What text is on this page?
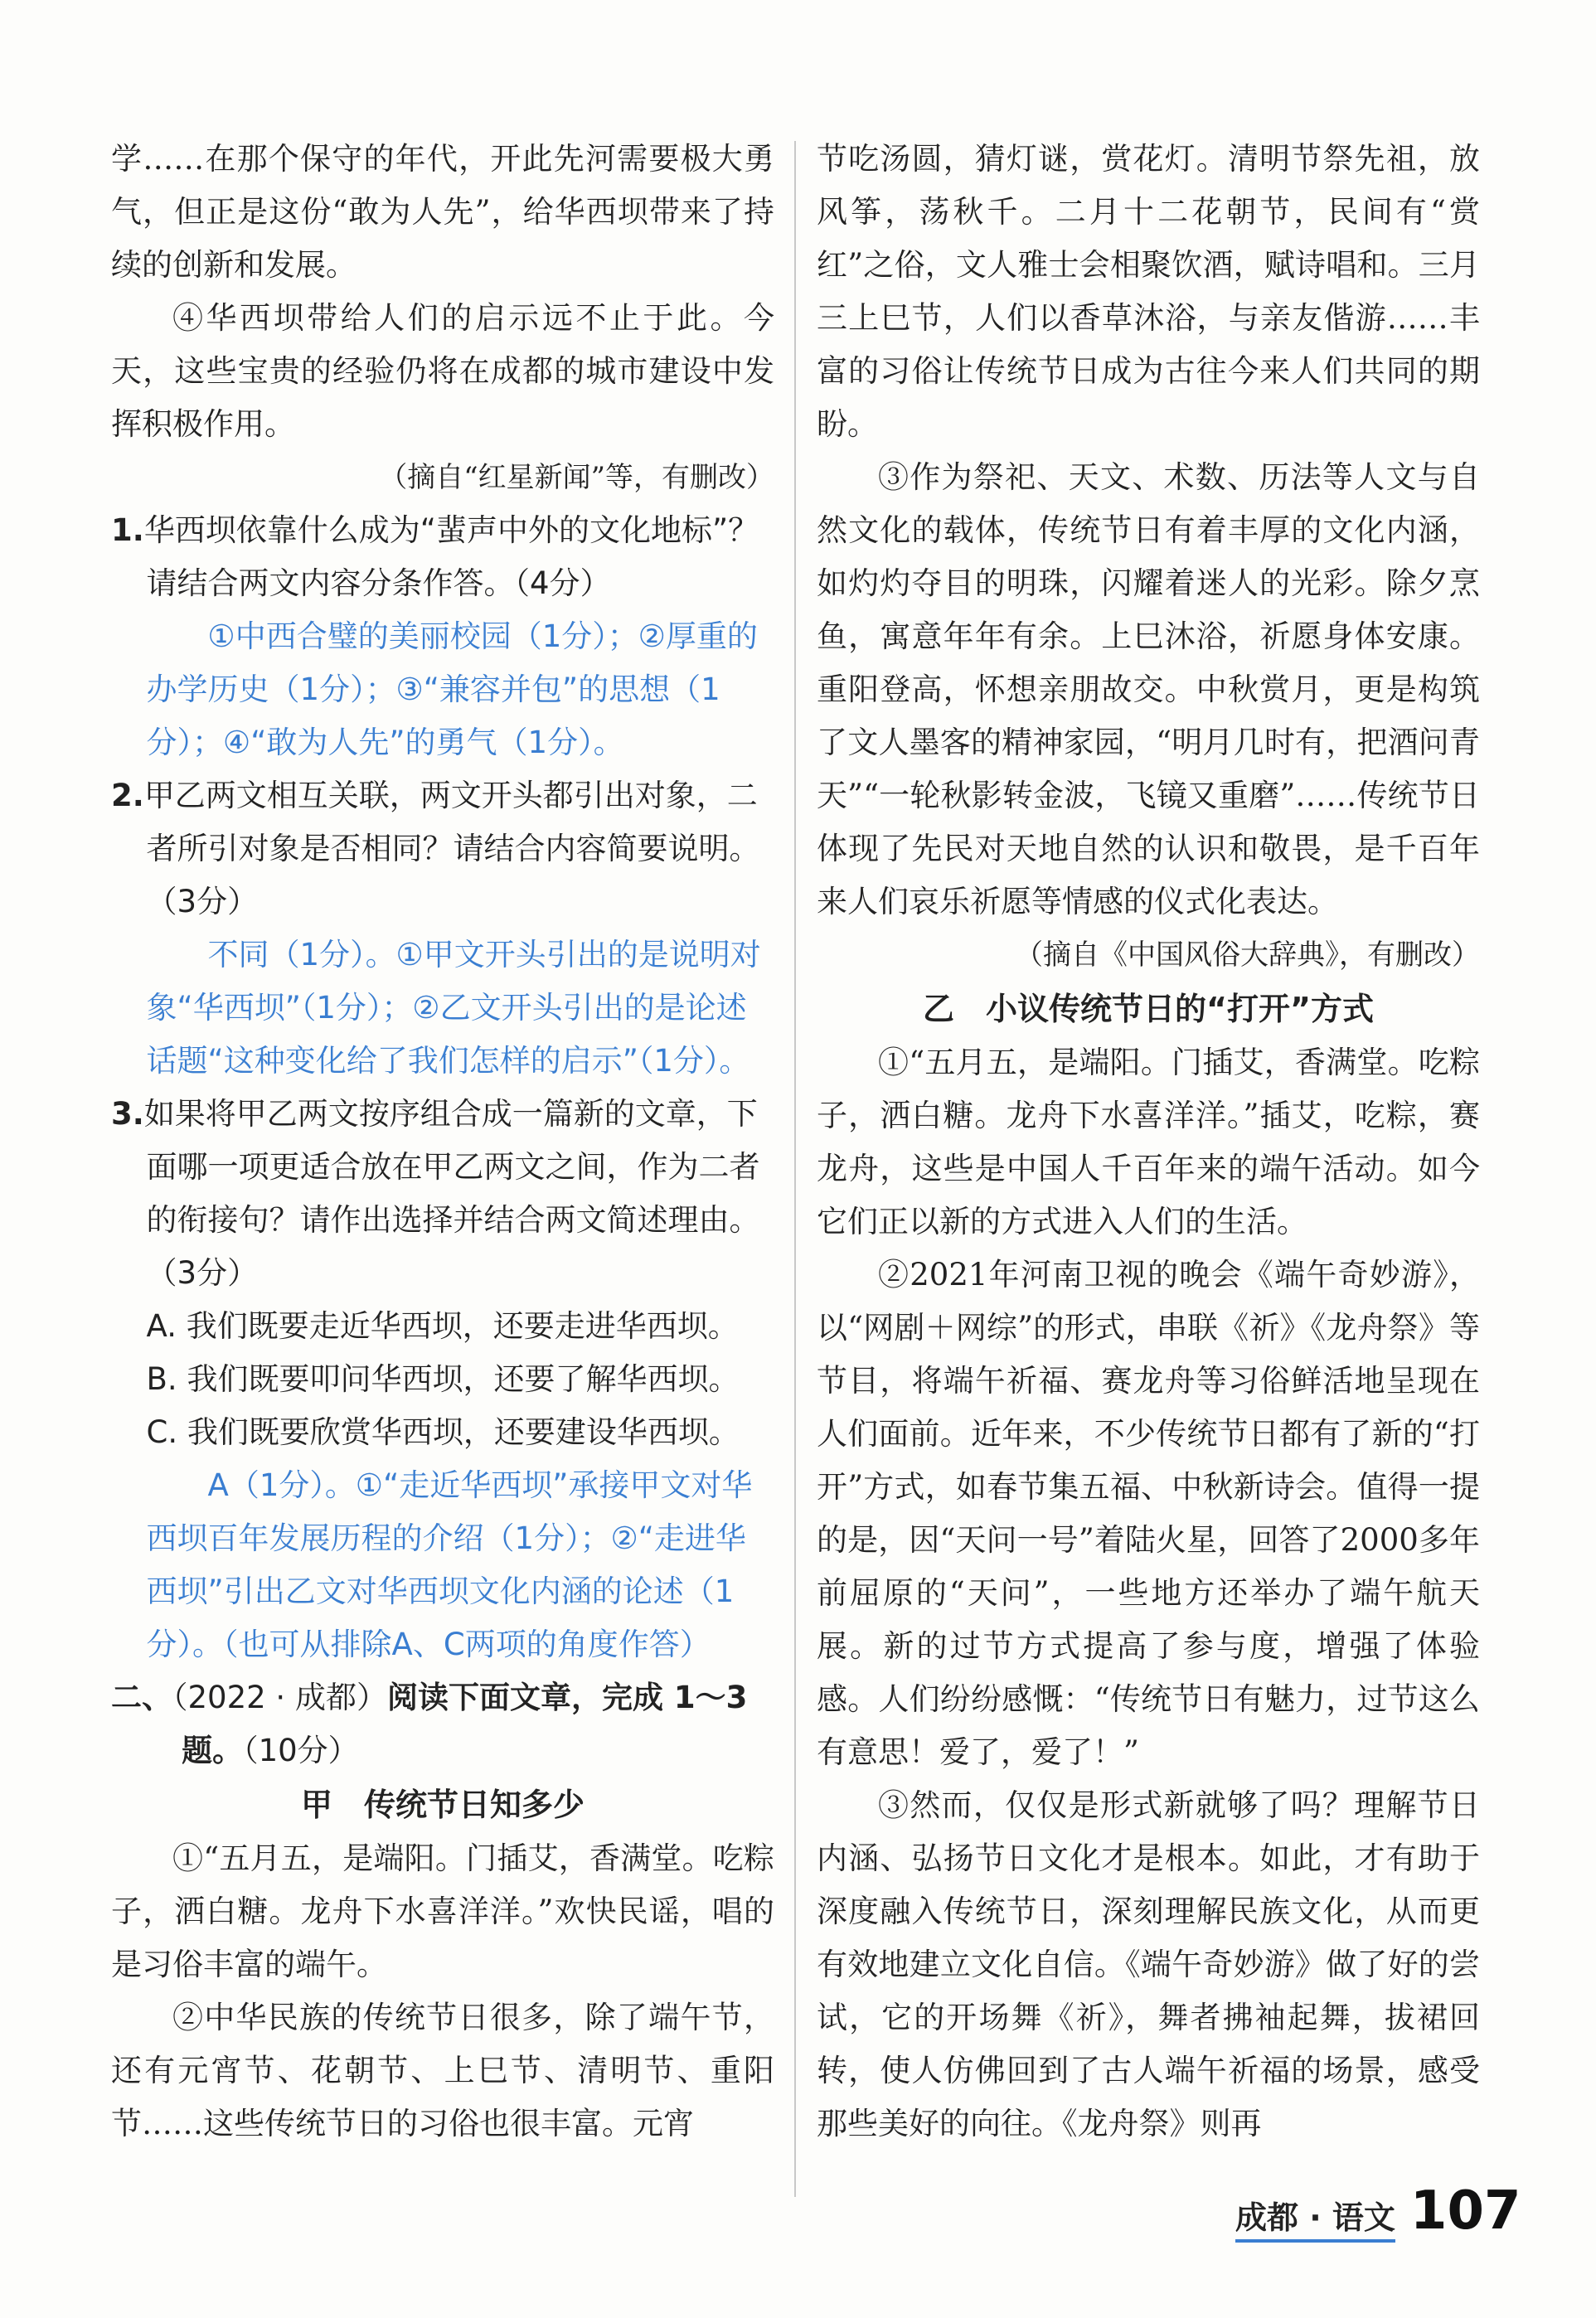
学……在那个保守的年代，开此先河需要极大勇气，但正是这份“敢为人先”，给华西坝带来了持续的创新和发展。

④华西坝带给人们的启示远不止于此。今天，这些宝贵的经验仍将在成都的城市建设中发挥积极作用。

（摘自“红星新闻”等，有删改）

1.华西坝依靠什么成为“蜚声中外的文化地标”？请结合两文内容分条作答。（4分）

①中西合璧的美丽校园（1分）；②厚重的办学历史（1分）；③“兼容并包”的思想（1分）；④“敢为人先”的勇气（1分）。

2.甲乙两文相互关联，两文开头都引出对象，二者所引对象是否相同？请结合内容简要说明。（3分）

不同（1分）。①甲文开头引出的是说明对象“华西坝”（1分）；②乙文开头引出的是论述话题“这种变化给了我们怎样的启示”（1分）。

3.如果将甲乙两文按序组合成一篇新的文章，下面哪一项更适合放在甲乙两文之间，作为二者的衔接句？请作出选择并结合两文简述理由。（3分）

A. 我们既要走近华西坝，还要走进华西坝。

B. 我们既要叩问华西坝，还要了解华西坝。

C. 我们既要欣赏华西坝，还要建设华西坝。

A（1分）。①“走近华西坝”承接甲文对华西坝百年发展历程的介绍（1分）；②“走进华西坝”引出乙文对华西坝文化内涵的论述（1分）。（也可从排除A、C两项的角度作答）

二、（2022 · 成都）阅读下面文章，完成 1～3 题。（10分）

甲　传统节日知多少

①“五月五，是端阳。门插艾，香满堂。吃粽子，洒白糖。龙舟下水喜洋洋。”欢快民谣，唱的是习俗丰富的端午。

②中华民族的传统节日很多，除了端午节，还有元宵节、花朝节、上巳节、清明节、重阳节……这些传统节日的习俗也很丰富。元宵

节吃汤圆，猜灯谜，赏花灯。清明节祭先祖，放风筝，荡秋千。二月十二花朝节，民间有“赏红”之俗，文人雅士会相聚饮酒，赋诗唱和。三月三上巳节，人们以香草沐浴，与亲友偕游……丰富的习俗让传统节日成为古往今来人们共同的期盼。

③作为祭祀、天文、术数、历法等人文与自然文化的载体，传统节日有着丰厚的文化内涵，如灼灼夺目的明珠，闪耀着迷人的光彩。除夕烹鱼，寓意年年有余。上巳沐浴，祈愿身体安康。重阳登高，怀想亲朋故交。中秋赏月，更是构筑了文人墨客的精神家园，“明月几时有，把酒问青天”“一轮秋影转金波，飞镜又重磨”……传统节日体现了先民对天地自然的认识和敬畏，是千百年来人们哀乐祈愿等情感的仪式化表达。

（摘自《中国风俗大辞典》，有删改）

乙　小议传统节日的“打开”方式

①“五月五，是端阳。门插艾，香满堂。吃粽子，洒白糖。龙舟下水喜洋洋。”插艾，吃粽，赛龙舟，这些是中国人千百年来的端午活动。如今它们正以新的方式进入人们的生活。

②2021年河南卫视的晚会《端午奇妙游》，以“网剧＋网综”的形式，串联《祈》《龙舟祭》等节目，将端午祈福、赛龙舟等习俗鲜活地呈现在人们面前。近年来，不少传统节日都有了新的“打开”方式，如春节集五福、中秋新诗会。值得一提的是，因“天问一号”着陆火星，回答了2000多年前屈原的“天问”，一些地方还举办了端午航天展。新的过节方式提高了参与度，增强了体验感。人们纷纷感慨：“传统节日有魅力，过节这么有意思！爱了，爱了！”

③然而，仅仅是形式新就够了吗？理解节日内涵、弘扬节日文化才是根本。如此，才有助于深度融入传统节日，深刻理解民族文化，从而更有效地建立文化自信。《端午奇妙游》做了好的尝试，它的开场舞《祈》，舞者拂袖起舞，拔裙回转，使人仿佛回到了古人端午祈福的场景，感受那些美好的向往。《龙舟祭》则再

成都 · 语文 107
